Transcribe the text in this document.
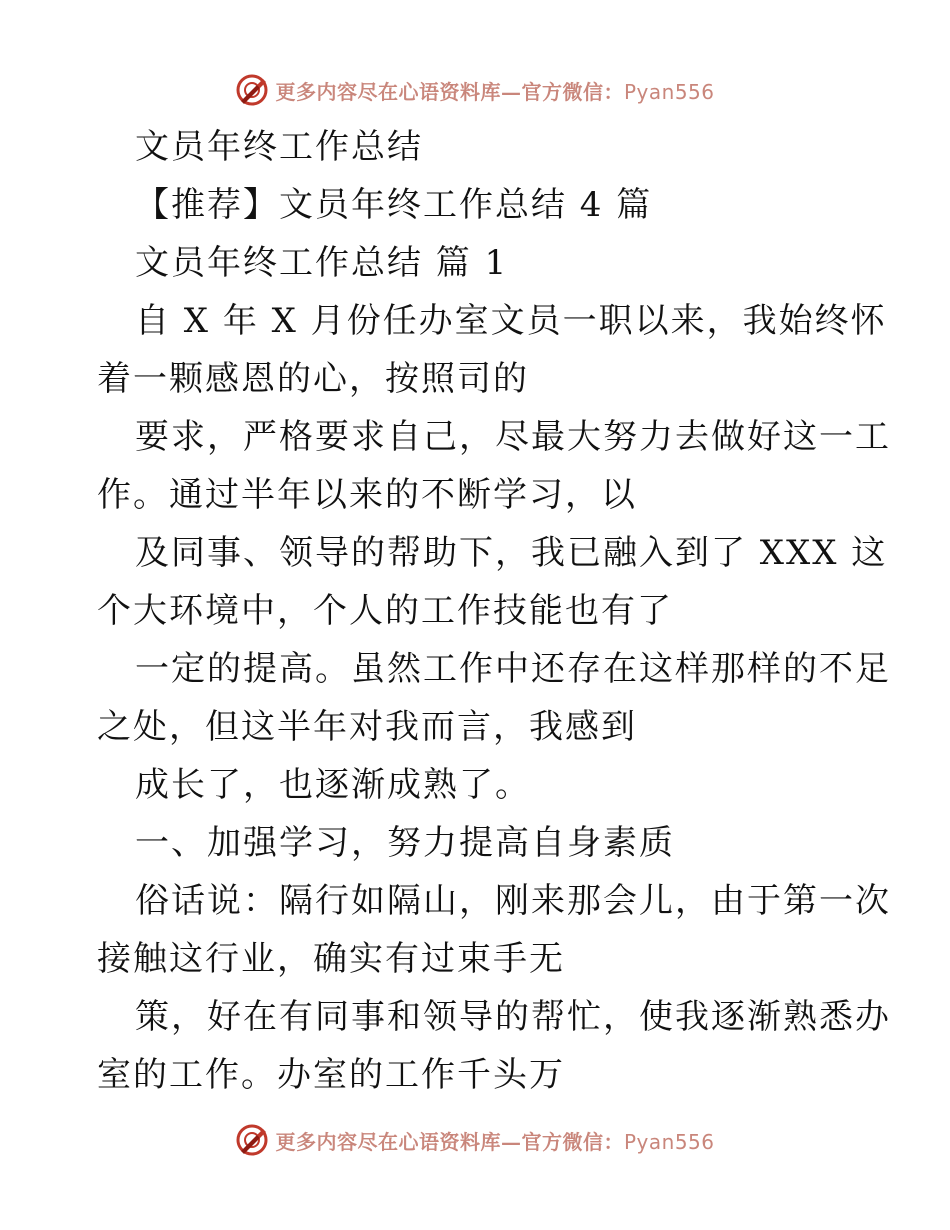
更多内容尽在心语资料库—官方微信：Pyan556
文员年终工作总结
【推荐】文员年终工作总结 4 篇
文员年终工作总结 篇 1
自 X 年 X 月份任办室文员一职以来，我始终怀
着一颗感恩的心，按照司的
要求，严格要求自己，尽最大努力去做好这一工
作。通过半年以来的不断学习，以
及同事、领导的帮助下，我已融入到了 XXX 这
个大环境中，个人的工作技能也有了
一定的提高。虽然工作中还存在这样那样的不足
之处，但这半年对我而言，我感到
成长了，也逐渐成熟了。
一、加强学习，努力提高自身素质
俗话说：隔行如隔山，刚来那会儿，由于第一次
接触这行业，确实有过束手无
策，好在有同事和领导的帮忙，使我逐渐熟悉办
室的工作。办室的工作千头万
更多内容尽在心语资料库—官方微信：Pyan556
